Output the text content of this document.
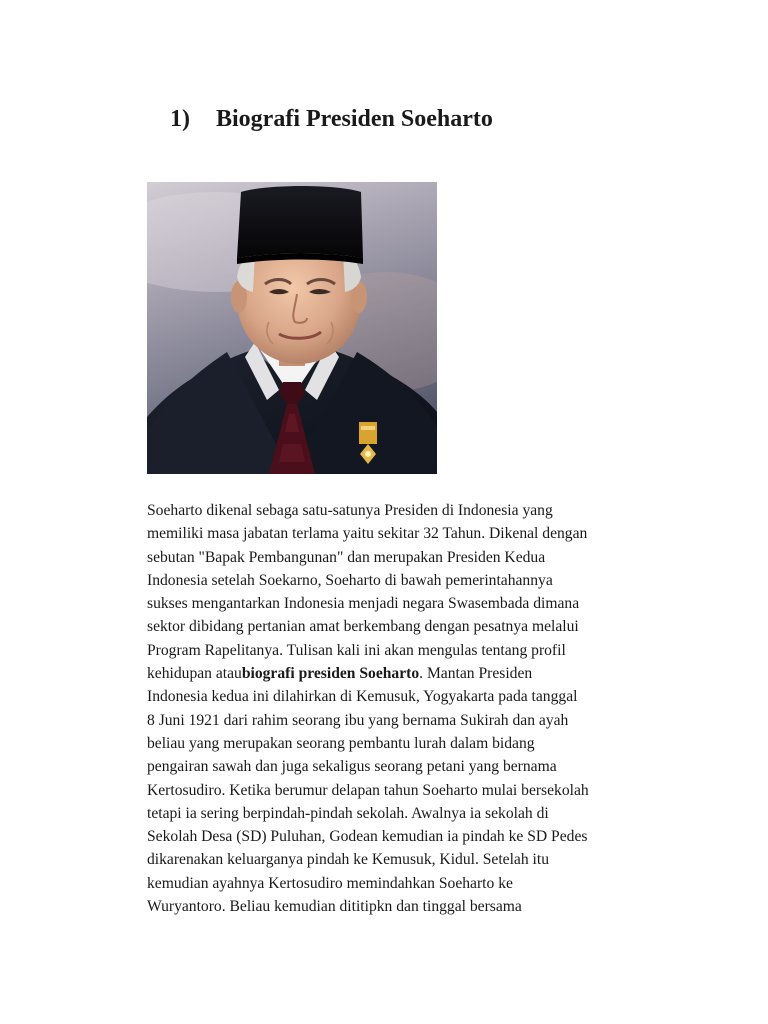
1) Biografi Presiden Soeharto
Soeharto dikenal sebaga satu-satunya Presiden di Indonesia yang
memiliki masa jabatan terlama yaitu sekitar 32 Tahun. Dikenal dengan
sebutan "Bapak Pembangunan" dan merupakan Presiden Kedua
Indonesia setelah Soekarno, Soeharto di bawah pemerintahannya
sukses mengantarkan Indonesia menjadi negara Swasembada dimana
sektor dibidang pertanian amat berkembang dengan pesatnya melalui
Program Rapelitanya. Tulisan kali ini akan mengulas tentang profil
kehidupan ataubiografi presiden Soeharto. Mantan Presiden
Indonesia kedua ini dilahirkan di Kemusuk, Yogyakarta pada tanggal
8 Juni 1921 dari rahim seorang ibu yang bernama Sukirah dan ayah
beliau yang merupakan seorang pembantu lurah dalam bidang
pengairan sawah dan juga sekaligus seorang petani yang bernama
Kertosudiro. Ketika berumur delapan tahun Soeharto mulai bersekolah
tetapi ia sering berpindah-pindah sekolah. Awalnya ia sekolah di
Sekolah Desa (SD) Puluhan, Godean kemudian ia pindah ke SD Pedes
dikarenakan keluarganya pindah ke Kemusuk, Kidul. Setelah itu
kemudian ayahnya Kertosudiro memindahkan Soeharto ke
Wuryantoro. Beliau kemudian dititipkn dan tinggal bersama
